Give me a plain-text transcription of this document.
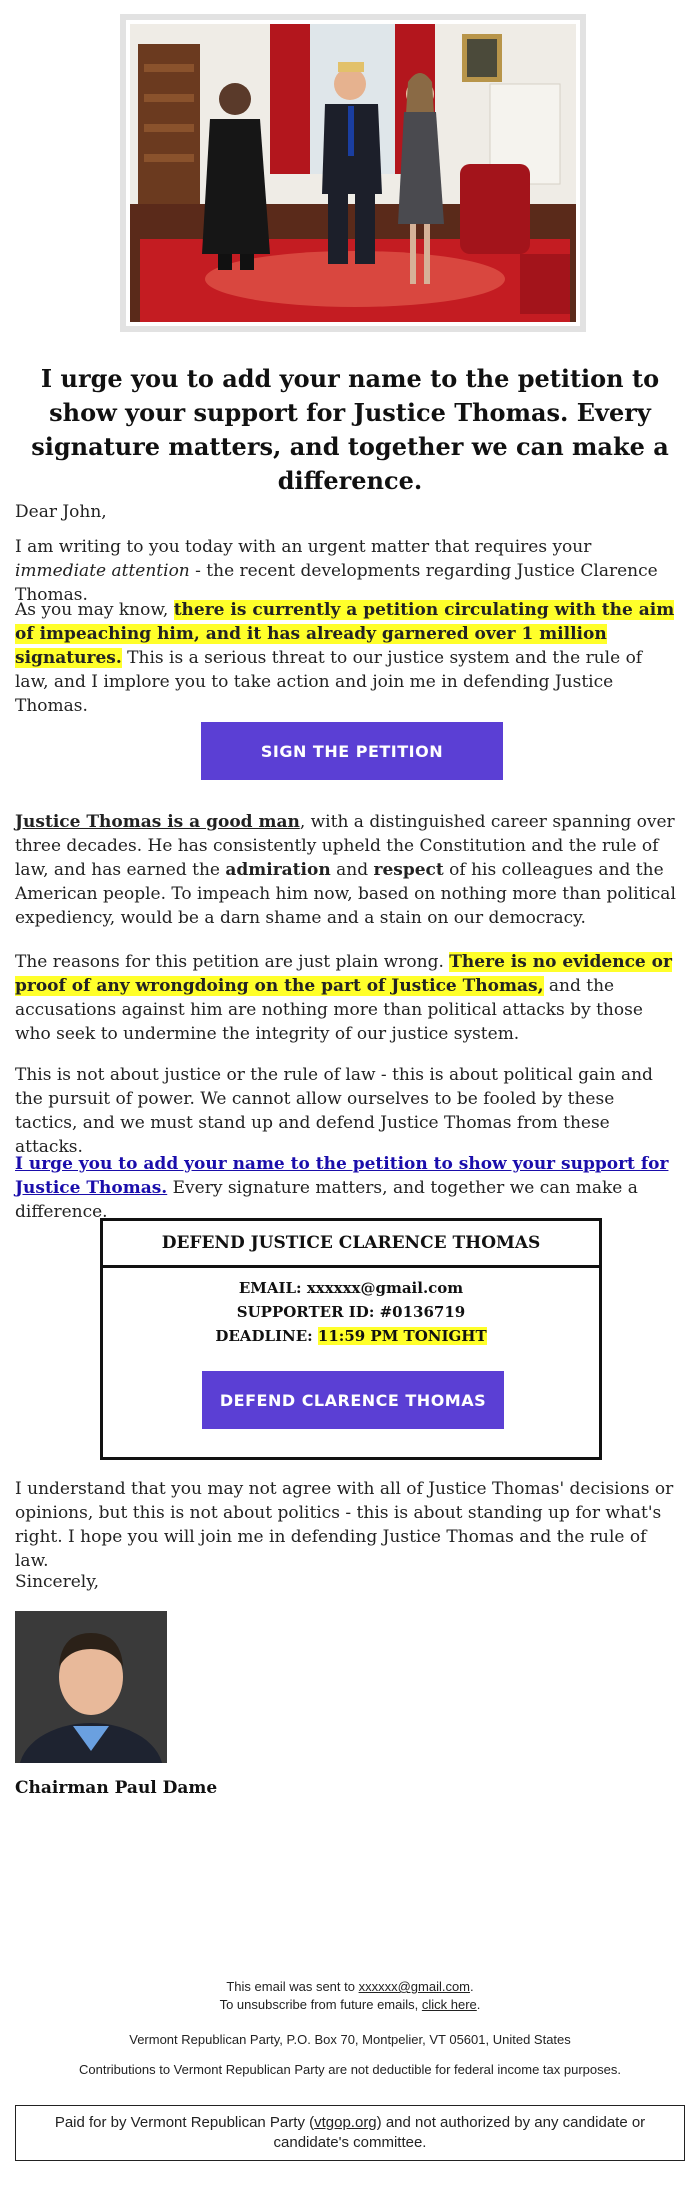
I urge you to add your name to the petition to show your support for Justice Thomas. Every signature matters, and together we can make a difference.

Dear John,

I am writing to you today with an urgent matter that requires your immediate attention - the recent developments regarding Justice Clarence Thomas.

As you may know, there is currently a petition circulating with the aim of impeaching him, and it has already garnered over 1 million signatures. This is a serious threat to our justice system and the rule of law, and I implore you to take action and join me in defending Justice Thomas.

SIGN THE PETITION

Justice Thomas is a good man, with a distinguished career spanning over three decades. He has consistently upheld the Constitution and the rule of law, and has earned the admiration and respect of his colleagues and the American people. To impeach him now, based on nothing more than political expediency, would be a darn shame and a stain on our democracy.

The reasons for this petition are just plain wrong. There is no evidence or proof of any wrongdoing on the part of Justice Thomas, and the accusations against him are nothing more than political attacks by those who seek to undermine the integrity of our justice system.

This is not about justice or the rule of law - this is about political gain and the pursuit of power. We cannot allow ourselves to be fooled by these tactics, and we must stand up and defend Justice Thomas from these attacks.

I urge you to add your name to the petition to show your support for Justice Thomas. Every signature matters, and together we can make a difference.

DEFEND JUSTICE CLARENCE THOMAS
EMAIL: xxxxxx@gmail.com
SUPPORTER ID: #0136719
DEADLINE: 11:59 PM TONIGHT
DEFEND CLARENCE THOMAS

I understand that you may not agree with all of Justice Thomas' decisions or opinions, but this is not about politics - this is about standing up for what's right. I hope you will join me in defending Justice Thomas and the rule of law.

Sincerely,

Chairman Paul Dame

This email was sent to xxxxxx@gmail.com.

To unsubscribe from future emails, click here.

Vermont Republican Party, P.O. Box 70, Montpelier, VT 05601, United States

Contributions to Vermont Republican Party are not deductible for federal income tax purposes.

Paid for by Vermont Republican Party (vtgop.org) and not authorized by any candidate or candidate's committee.
